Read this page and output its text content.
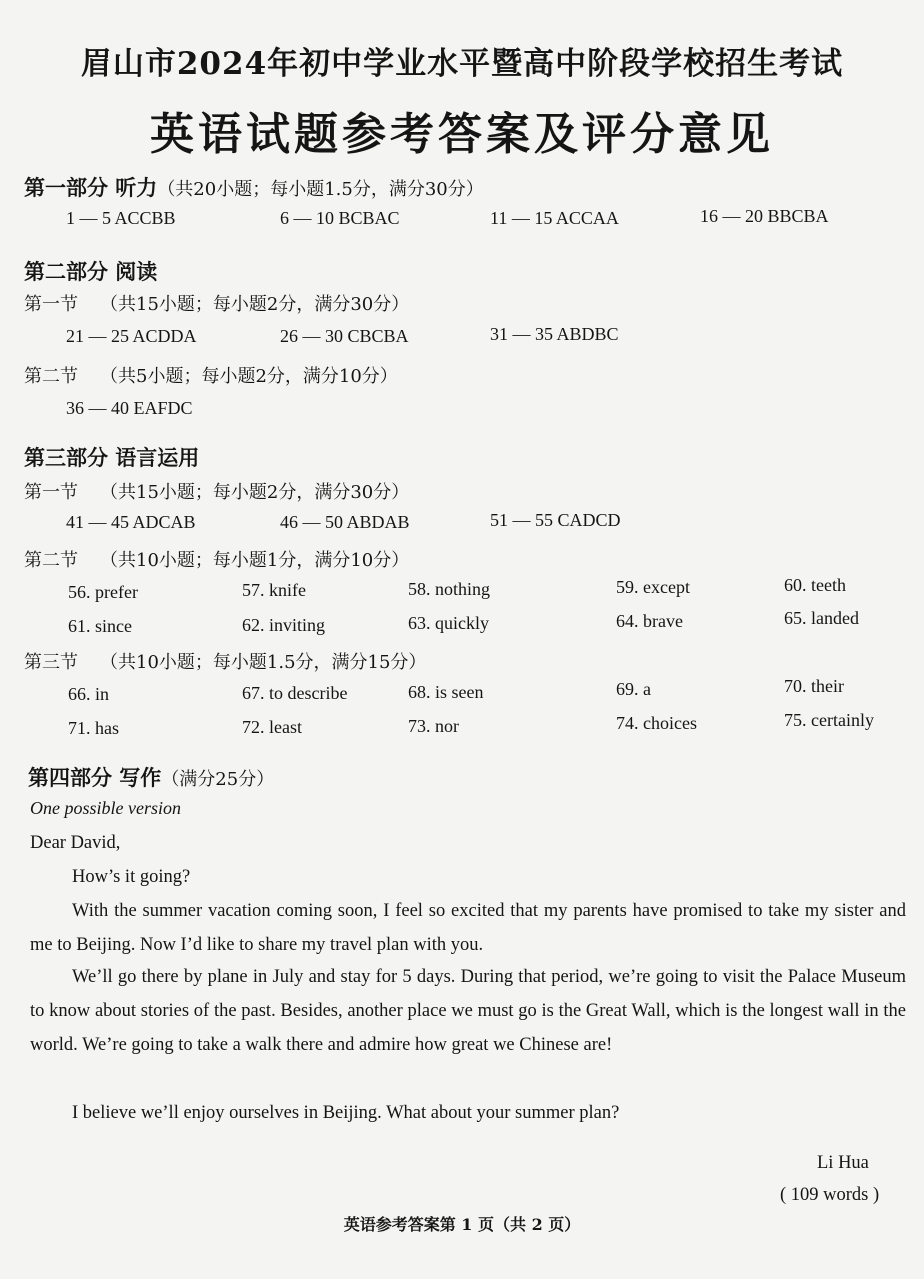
眉山市2024年初中学业水平暨高中阶段学校招生考试
英语试题参考答案及评分意见
第一部分 听力（共20小题；每小题1.5分，满分30分）
1 — 5 ACCBB	6 — 10 BCBAC	11 — 15 ACCAA	16 — 20 BBCBA
第二部分 阅读
第一节 （共15小题；每小题2分，满分30分）
21 — 25 ACDDA	26 — 30 CBCBA	31 — 35 ABDBC
第二节 （共5小题；每小题2分，满分10分）
36 — 40 EAFDC
第三部分 语言运用
第一节 （共15小题；每小题2分，满分30分）
41 — 45 ADCAB	46 — 50 ABDAB	51 — 55 CADCD
第二节 （共10小题；每小题1分，满分10分）
56. prefer	57. knife	58. nothing	59. except	60. teeth
61. since	62. inviting	63. quickly	64. brave	65. landed
第三节 （共10小题；每小题1.5分，满分15分）
66. in	67. to describe	68. is seen	69. a	70. their
71. has	72. least	73. nor	74. choices	75. certainly
第四部分 写作（满分25分）
One possible version
Dear David,
How’s it going?
With the summer vacation coming soon, I feel so excited that my parents have promised to take my sister and me to Beijing. Now I’d like to share my travel plan with you.
We’ll go there by plane in July and stay for 5 days. During that period, we’re going to visit the Palace Museum to know about stories of the past. Besides, another place we must go is the Great Wall, which is the longest wall in the world. We’re going to take a walk there and admire how great we Chinese are!
I believe we’ll enjoy ourselves in Beijing. What about your summer plan?
Li Hua
( 109 words )
英语参考答案第 1 页（共 2 页）
